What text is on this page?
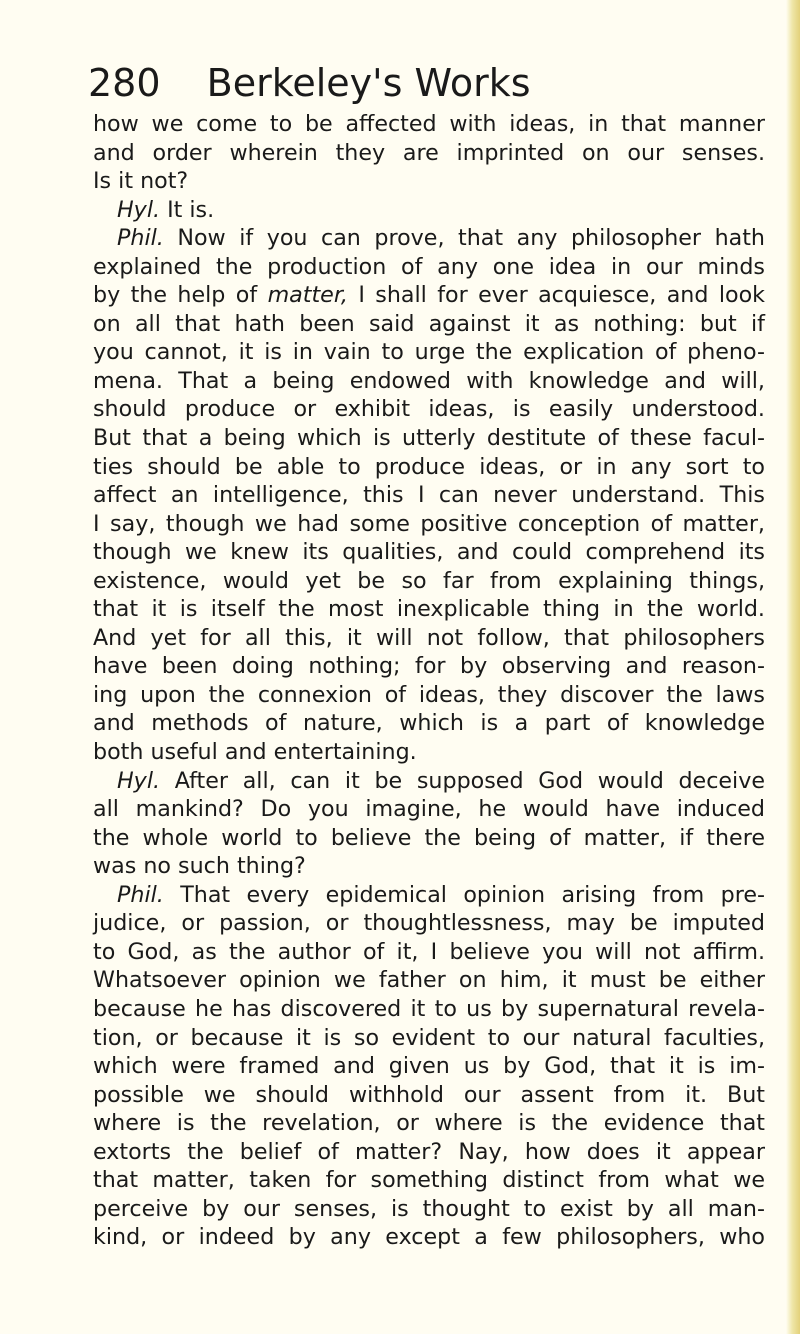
280 Berkeley's Works
how we come to be affected with ideas, in that manner
and order wherein they are imprinted on our senses.
Is it not?
Hyl. It is.
Phil. Now if you can prove, that any philosopher hath
explained the production of any one idea in our minds
by the help of matter, I shall for ever acquiesce, and look
on all that hath been said against it as nothing: but if
you cannot, it is in vain to urge the explication of pheno-
mena. That a being endowed with knowledge and will,
should produce or exhibit ideas, is easily understood.
But that a being which is utterly destitute of these facul-
ties should be able to produce ideas, or in any sort to
affect an intelligence, this I can never understand. This
I say, though we had some positive conception of matter,
though we knew its qualities, and could comprehend its
existence, would yet be so far from explaining things,
that it is itself the most inexplicable thing in the world.
And yet for all this, it will not follow, that philosophers
have been doing nothing; for by observing and reason-
ing upon the connexion of ideas, they discover the laws
and methods of nature, which is a part of knowledge
both useful and entertaining.
Hyl. After all, can it be supposed God would deceive
all mankind? Do you imagine, he would have induced
the whole world to believe the being of matter, if there
was no such thing?
Phil. That every epidemical opinion arising from pre-
judice, or passion, or thoughtlessness, may be imputed
to God, as the author of it, I believe you will not affirm.
Whatsoever opinion we father on him, it must be either
because he has discovered it to us by supernatural revela-
tion, or because it is so evident to our natural faculties,
which were framed and given us by God, that it is im-
possible we should withhold our assent from it. But
where is the revelation, or where is the evidence that
extorts the belief of matter? Nay, how does it appear
that matter, taken for something distinct from what we
perceive by our senses, is thought to exist by all man-
kind, or indeed by any except a few philosophers, who
